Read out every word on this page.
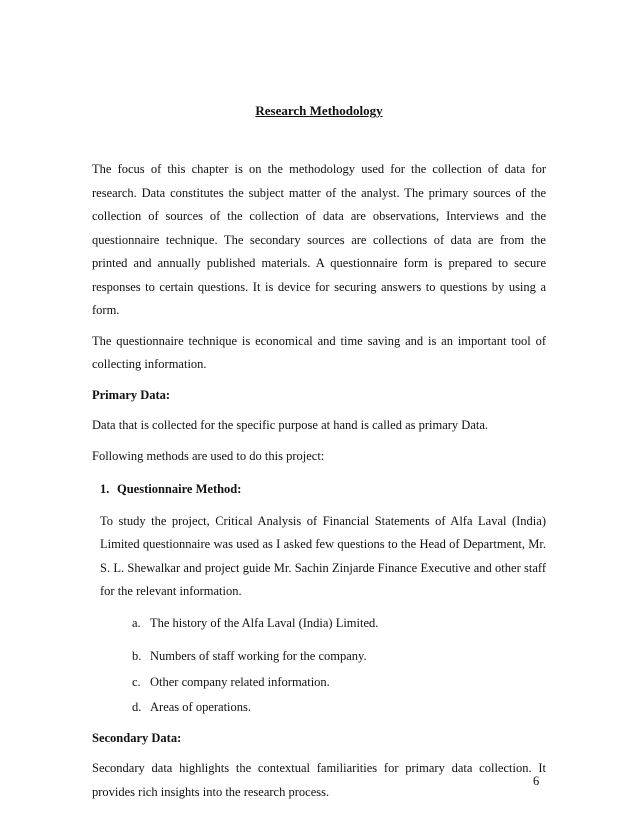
Research Methodology

The focus of this chapter is on the methodology used for the collection of data for research. Data constitutes the subject matter of the analyst. The primary sources of the collection of sources of the collection of data are observations, Interviews and the questionnaire technique. The secondary sources are collections of data are from the printed and annually published materials. A questionnaire form is prepared to secure responses to certain questions. It is device for securing answers to questions by using a form.

The questionnaire technique is economical and time saving and is an important tool of collecting information.

Primary Data:

Data that is collected for the specific purpose at hand is called as primary Data.

Following methods are used to do this project:

1. Questionnaire Method:

To study the project, Critical Analysis of Financial Statements of Alfa Laval (India) Limited questionnaire was used as I asked few questions to the Head of Department, Mr. S. L. Shewalkar and project guide Mr. Sachin Zinjarde Finance Executive and other staff for the relevant information.

a. The history of the Alfa Laval (India) Limited.
b. Numbers of staff working for the company.
c. Other company related information.
d. Areas of operations.

Secondary Data:

Secondary data highlights the contextual familiarities for primary data collection. It provides rich insights into the research process.

6
